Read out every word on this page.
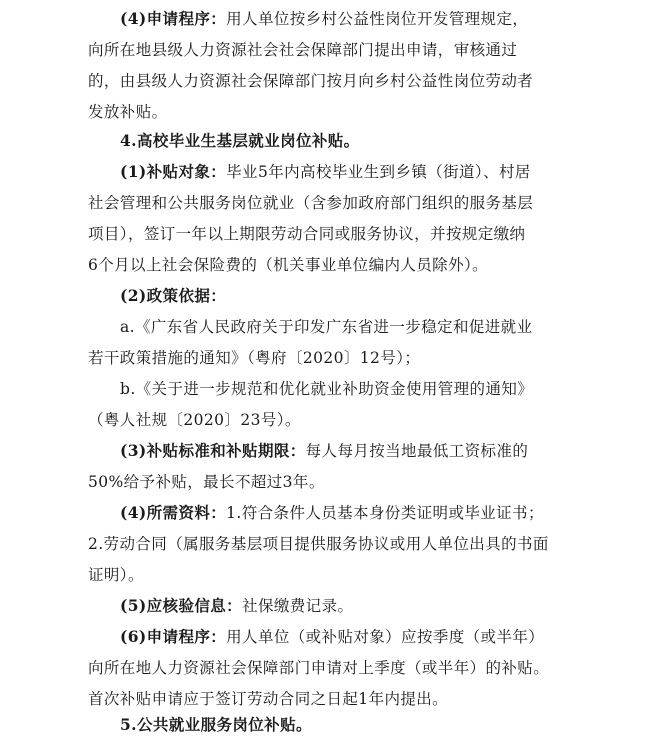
(4)申请程序：用人单位按乡村公益性岗位开发管理规定，
向所在地县级人力资源社会社会保障部门提出申请，审核通过
的，由县级人力资源社会保障部门按月向乡村公益性岗位劳动者
发放补贴。
4.高校毕业生基层就业岗位补贴。
(1)补贴对象：毕业5年内高校毕业生到乡镇（街道）、村居
社会管理和公共服务岗位就业（含参加政府部门组织的服务基层
项目），签订一年以上期限劳动合同或服务协议，并按规定缴纳
6个月以上社会保险费的（机关事业单位编内人员除外）。
(2)政策依据：
a.《广东省人民政府关于印发广东省进一步稳定和促进就业
若干政策措施的通知》（粤府〔2020〕12号）；
b.《关于进一步规范和优化就业补助资金使用管理的通知》
（粤人社规〔2020〕23号）。
(3)补贴标准和补贴期限：每人每月按当地最低工资标准的
50%给予补贴，最长不超过3年。
(4)所需资料：1.符合条件人员基本身份类证明或毕业证书；
2.劳动合同（属服务基层项目提供服务协议或用人单位出具的书面
证明）。
(5)应核验信息：社保缴费记录。
(6)申请程序：用人单位（或补贴对象）应按季度（或半年）
向所在地人力资源社会保障部门申请对上季度（或半年）的补贴。
首次补贴申请应于签订劳动合同之日起1年内提出。
5.公共就业服务岗位补贴。
